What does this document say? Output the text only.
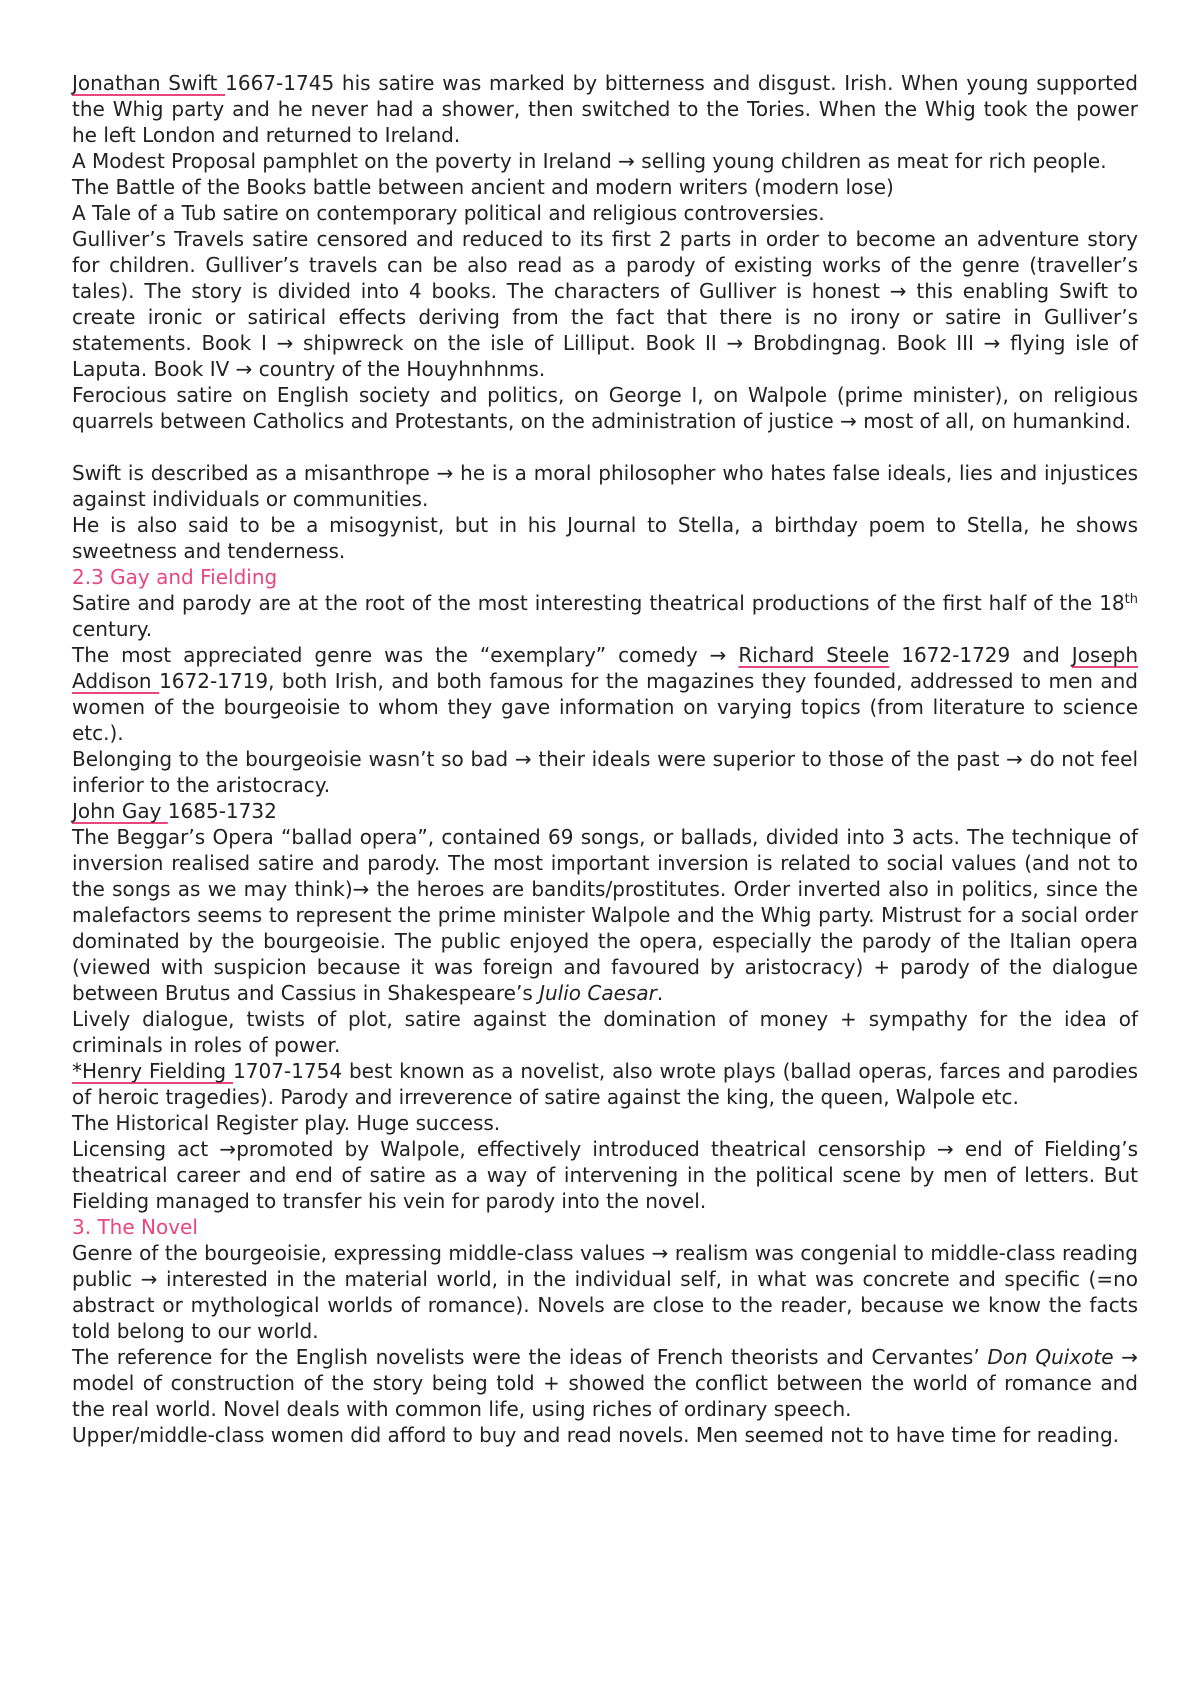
Jonathan Swift 1667-1745 his satire was marked by bitterness and disgust. Irish. When young supported the Whig party and he never had a shower, then switched to the Tories. When the Whig took the power he left London and returned to Ireland.

A Modest Proposal pamphlet on the poverty in Ireland → selling young children as meat for rich people.

The Battle of the Books battle between ancient and modern writers (modern lose)

A Tale of a Tub satire on contemporary political and religious controversies.

Gulliver’s Travels satire censored and reduced to its first 2 parts in order to become an adventure story for children. Gulliver’s travels can be also read as a parody of existing works of the genre (traveller’s tales). The story is divided into 4 books. The characters of Gulliver is honest → this enabling Swift to create ironic or satirical effects deriving from the fact that there is no irony or satire in Gulliver’s statements. Book I → shipwreck on the isle of Lilliput. Book II → Brobdingnag. Book III → flying isle of Laputa. Book IV → country of the Houyhnhnms.

Ferocious satire on English society and politics, on George I, on Walpole (prime minister), on religious quarrels between Catholics and Protestants, on the administration of justice → most of all, on humankind.

Swift is described as a misanthrope → he is a moral philosopher who hates false ideals, lies and injustices against individuals or communities.

He is also said to be a misogynist, but in his Journal to Stella, a birthday poem to Stella, he shows sweetness and tenderness.

2.3 Gay and Fielding

Satire and parody are at the root of the most interesting theatrical productions of the first half of the 18th century.

The most appreciated genre was the “exemplary” comedy → Richard Steele 1672-1729 and Joseph Addison 1672-1719, both Irish, and both famous for the magazines they founded, addressed to men and women of the bourgeoisie to whom they gave information on varying topics (from literature to science etc.).

Belonging to the bourgeoisie wasn’t so bad → their ideals were superior to those of the past → do not feel inferior to the aristocracy.

John Gay 1685-1732

The Beggar’s Opera “ballad opera”, contained 69 songs, or ballads, divided into 3 acts. The technique of inversion realised satire and parody. The most important inversion is related to social values (and not to the songs as we may think)→ the heroes are bandits/prostitutes. Order inverted also in politics, since the malefactors seems to represent the prime minister Walpole and the Whig party. Mistrust for a social order dominated by the bourgeoisie. The public enjoyed the opera, especially the parody of the Italian opera (viewed with suspicion because it was foreign and favoured by aristocracy) + parody of the dialogue between Brutus and Cassius in Shakespeare’s Julio Caesar.

Lively dialogue, twists of plot, satire against the domination of money + sympathy for the idea of criminals in roles of power.

*Henry Fielding 1707-1754 best known as a novelist, also wrote plays (ballad operas, farces and parodies of heroic tragedies). Parody and irreverence of satire against the king, the queen, Walpole etc.

The Historical Register play. Huge success.

Licensing act →promoted by Walpole, effectively introduced theatrical censorship → end of Fielding’s theatrical career and end of satire as a way of intervening in the political scene by men of letters. But Fielding managed to transfer his vein for parody into the novel.

3. The Novel

Genre of the bourgeoisie, expressing middle-class values → realism was congenial to middle-class reading public → interested in the material world, in the individual self, in what was concrete and specific (=no abstract or mythological worlds of romance). Novels are close to the reader, because we know the facts told belong to our world.

The reference for the English novelists were the ideas of French theorists and Cervantes’ Don Quixote → model of construction of the story being told + showed the conflict between the world of romance and the real world. Novel deals with common life, using riches of ordinary speech.

Upper/middle-class women did afford to buy and read novels. Men seemed not to have time for reading.
